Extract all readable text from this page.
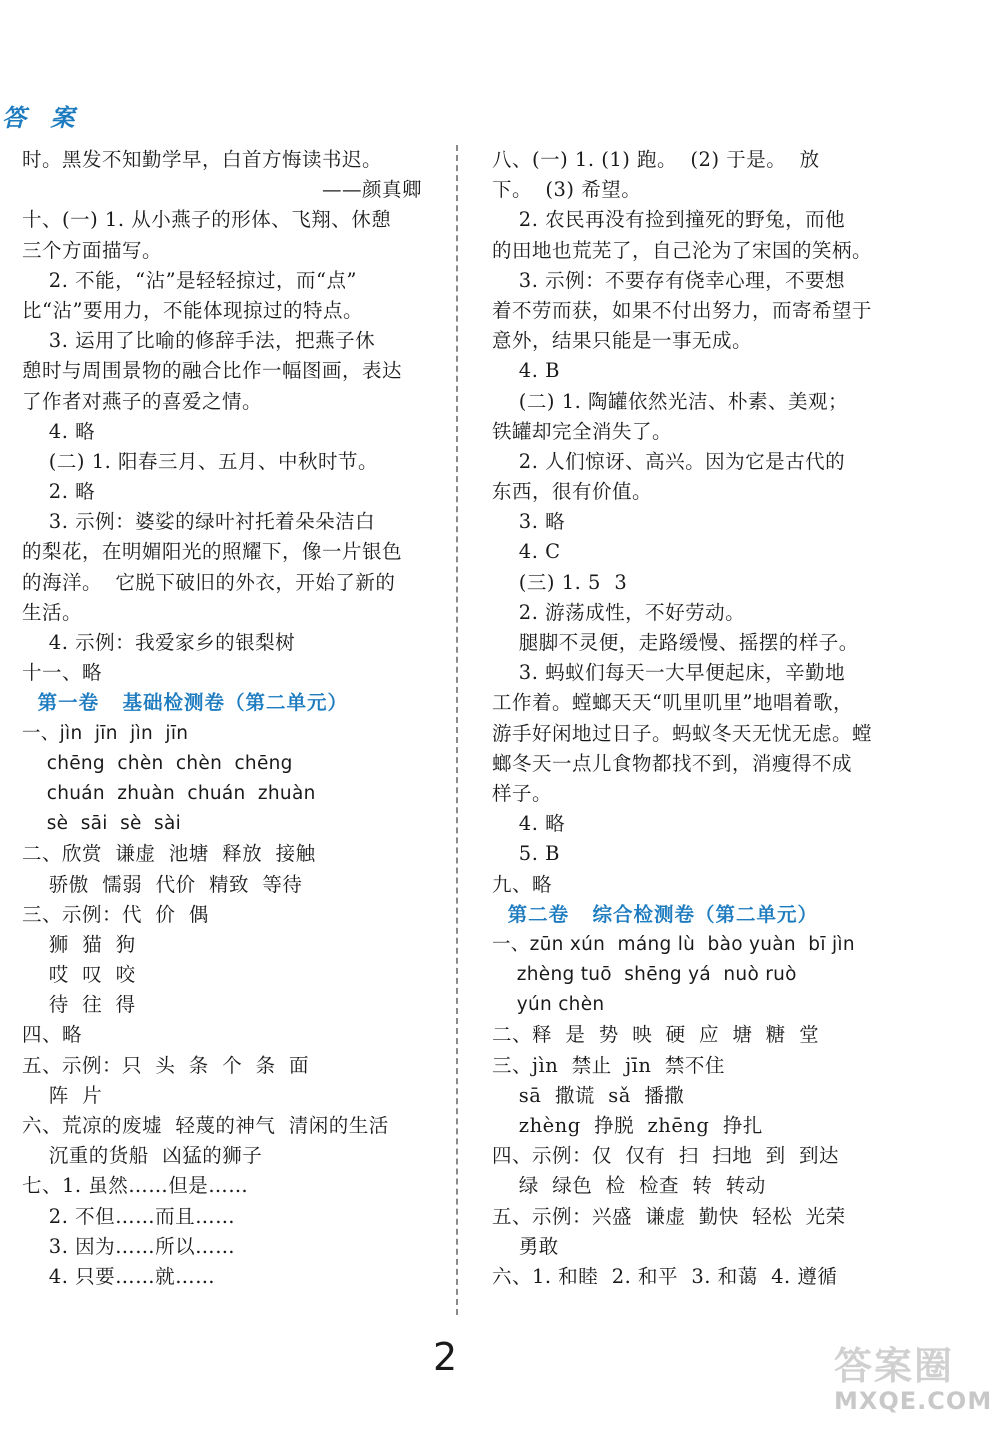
答 案
时。黑发不知勤学早，白首方悔读书迟。
——颜真卿
十、(一) 1. 从小燕子的形体、飞翔、休憩
三个方面描写。
2. 不能，“沾”是轻轻掠过，而“点”
比“沾”要用力，不能体现掠过的特点。
3. 运用了比喻的修辞手法，把燕子休
憩时与周围景物的融合比作一幅图画，表达
了作者对燕子的喜爱之情。
4. 略
(二) 1. 阳春三月、五月、中秋时节。
2. 略
3. 示例：婆娑的绿叶衬托着朵朵洁白
的梨花，在明媚阳光的照耀下，像一片银色
的海洋。  它脱下破旧的外衣，开始了新的
生活。
4. 示例：我爱家乡的银梨树
十一、略
第一卷   基础检测卷（第二单元）
一、jìn  jīn  jìn  jīn
chēng  chèn  chèn  chēng
chuán  zhuàn  chuán  zhuàn
sè  sāi  sè  sài
二、欣赏  谦虚  池塘  释放  接触
骄傲  懦弱  代价  精致  等待
三、示例：代  价  偶
狮  猫  狗
哎  叹  咬
待  往  得
四、略
五、示例：只  头  条  个  条  面
阵  片
六、荒凉的废墟  轻蔑的神气  清闲的生活
沉重的货船  凶猛的狮子
七、1. 虽然……但是……
2. 不但……而且……
3. 因为……所以……
4. 只要……就……
八、(一) 1. (1) 跑。  (2) 于是。  放
下。  (3) 希望。
2. 农民再没有捡到撞死的野兔，而他
的田地也荒芜了，自己沦为了宋国的笑柄。
3. 示例：不要存有侥幸心理，不要想
着不劳而获，如果不付出努力，而寄希望于
意外，结果只能是一事无成。
4. B
(二) 1. 陶罐依然光洁、朴素、美观；
铁罐却完全消失了。
2. 人们惊讶、高兴。因为它是古代的
东西，很有价值。
3. 略
4. C
(三) 1. 5  3
2. 游荡成性，不好劳动。
腿脚不灵便，走路缓慢、摇摆的样子。
3. 蚂蚁们每天一大早便起床，辛勤地
工作着。螳螂天天“叽里叽里”地唱着歌，
游手好闲地过日子。蚂蚁冬天无忧无虑。螳
螂冬天一点儿食物都找不到，消瘦得不成
样子。
4. 略
5. B
九、略
第二卷   综合检测卷（第二单元）
一、zūn xún  máng lù  bào yuàn  bī jìn
zhèng tuō  shēng yá  nuò ruò
yún chèn
二、释  是  势  映  硬  应  塘  糖  堂
三、jìn  禁止  jīn  禁不住
sā  撒谎  sǎ  播撒
zhèng  挣脱  zhēng  挣扎
四、示例：仅  仅有  扫  扫地  到  到达
绿  绿色  检  检查  转  转动
五、示例：兴盛  谦虚  勤快  轻松  光荣
勇敢
六、1. 和睦  2. 和平  3. 和蔼  4. 遵循
2	答案圈
MXQE.COM
